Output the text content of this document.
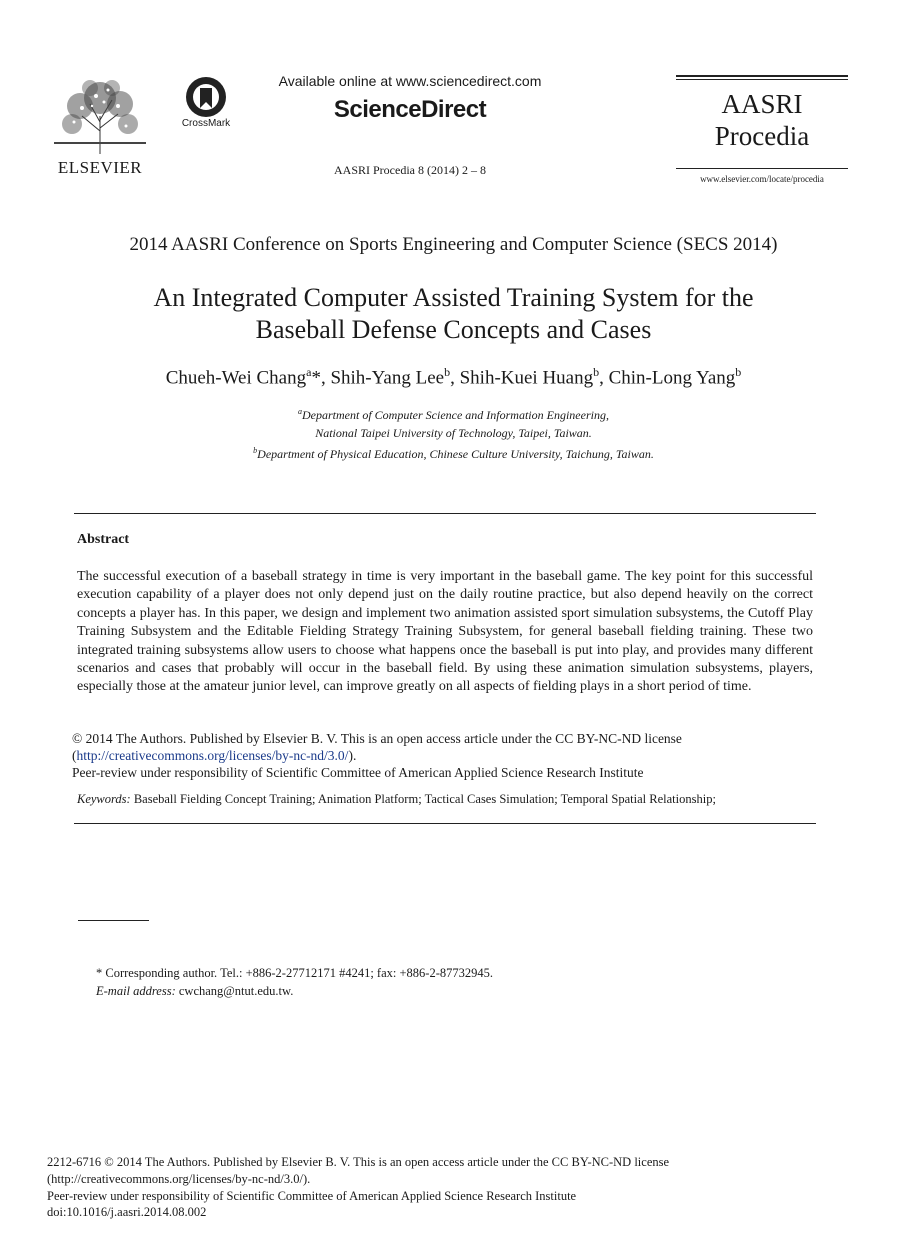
ELSEVIER
CrossMark
Available online at www.sciencedirect.com
ScienceDirect
AASRI Procedia 8 (2014) 2 – 8
AASRI
Procedia
www.elsevier.com/locate/procedia
2014 AASRI Conference on Sports Engineering and Computer Science (SECS 2014)
An Integrated Computer Assisted Training System for the
Baseball Defense Concepts and Cases
Chueh-Wei Chang$^a$*, Shih-Yang Lee$^b$, Shih-Kuei Huang$^b$, Chin-Long Yang$^b$
$^a$Department of Computer Science and Information Engineering,
National Taipei University of Technology, Taipei, Taiwan.
$^b$Department of Physical Education, Chinese Culture University, Taichung, Taiwan.
Abstract
The successful execution of a baseball strategy in time is very important in the baseball game. The key point for this successful execution capability of a player does not only depend just on the daily routine practice, but also depend heavily on the correct concepts a player has. In this paper, we design and implement two animation assisted sport simulation subsystems, the Cutoff Play Training Subsystem and the Editable Fielding Strategy Training Subsystem, for general baseball fielding training. These two integrated training subsystems allow users to choose what happens once the baseball is put into play, and provides many different scenarios and cases that probably will occur in the baseball field. By using these animation simulation subsystems, players, especially those at the amateur junior level, can improve greatly on all aspects of fielding plays in a short period of time.
© 2014 The Authors. Published by Elsevier B. V. This is an open access article under the CC BY-NC-ND license
(http://creativecommons.org/licenses/by-nc-nd/3.0/).
Peer-review under responsibility of Scientific Committee of American Applied Science Research Institute
Keywords: Baseball Fielding Concept Training; Animation Platform; Tactical Cases Simulation; Temporal Spatial Relationship;
* Corresponding author. Tel.: +886-2-27712171 #4241; fax: +886-2-87732945.
E-mail address: cwchang@ntut.edu.tw.
2212-6716 © 2014 The Authors. Published by Elsevier B. V. This is an open access article under the CC BY-NC-ND license
(http://creativecommons.org/licenses/by-nc-nd/3.0/).
Peer-review under responsibility of Scientific Committee of American Applied Science Research Institute
doi:10.1016/j.aasri.2014.08.002
